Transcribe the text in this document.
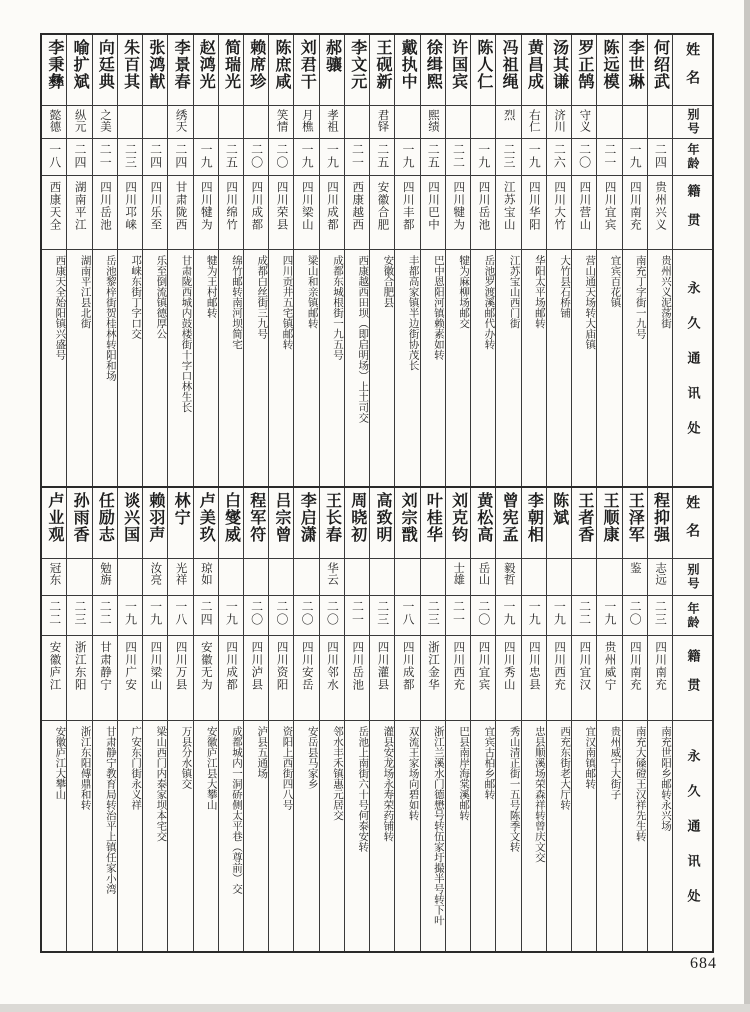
姓名
别号
年龄
籍贯
永久通讯处
何绍武
二四
贵州兴义
贵州兴义泥荡街
李世琳
一九
四川南充
南充丁字街一九号
陈远模
二一
四川宜宾
宜宾百花镇
罗正鹄
守义
二〇
四川营山
营山通天场转大庙镇
汤其谦
济川
二六
四川大竹
大竹县石桥铺
黄昌成
右仁
一九
四川华阳
华阳太平场邮转
冯祖绳
烈
二三
江苏宝山
江苏宝山西门街
陈人仁
一九
四川岳池
岳池罗渡溪邮代办转
许国宾
二二
四川犍为
犍为麻柳场邮交
徐缉熙
熙绩
二五
四川巴中
巴中恩阳河镇赖素如转
戴执中
一九
四川丰都
丰都高家镇半边街协茂长
王砚新
君铎
二五
安徽合肥
安徽合肥县
李文元
二一
西康越西
西康越西田坝（即启明场）上土司交
郝骧
孝祖
一九
四川成都
成都东城根街一九五号
刘君干
月樵
一九
四川梁山
梁山和亲镇邮转
陈庶咸
笑情
二〇
四川荣县
四川贡井五宅镇邮转
赖席珍
二〇
四川成都
成都白丝街三九号
简瑞光
二五
四川绵竹
绵竹邮转南河坝简宅
赵鸿光
一九
四川犍为
犍为王村邮转
李景春
绣天
二四
甘肃陇西
甘肃陇西城内鼓楼街十字口林生长
张鸿猷
二四
四川乐至
乐至倒流镇德厚公
朱百其
二三
四川邛崃
邛崃东街丁字口交
向廷典
之美
二一
四川岳池
岳池黎梓街贺桂林转阳和场
喻扩斌
纵元
二四
湖南平江
湖南平江县北街
李秉彝
懿德
一八
西康天全
西康天全始阳镇兴盛号
姓名
别号
年龄
籍贯
永久通讯处
程抑强
志远
二三
四川南充
南充世阳乡邮转永兴场
王泽军
鉴
二〇
四川南充
南充大磉磴王汉祥先生转
王顺康
一九
贵州威宁
贵州威宁大街子
王者香
二二
四川宜汉
宜汉南镇邮转
陈斌
一九
四川西充
西充东街老大厅转
李朝相
一九
四川忠县
忠县顺溪场荣森祥转曾庆文交
曾宪孟
毅哲
一九
四川秀山
秀山清正街一五号陈季文转
黄松高
岳山
二〇
四川宜宾
宜宾古柏乡邮转
刘克钧
士雄
二一
四川西充
巴县南岸海棠溪邮转
叶桂华
二三
浙江金华
浙江兰溪水门德懋号转伍家圩撮半号转下叶
刘宗戬
一八
四川成都
双流王家场向碧如转
高致明
二三
四川灌县
灌县安龙场永寿荣药铺转
周晓初
二一
四川岳池
岳池上南街六十号何泰安转
王长春
华云
二〇
四川邻水
邻水丰禾镇惠元居交
李启潇
二〇
四川安岳
安岳县马家乡
吕宗曾
二〇
四川资阳
资阳上西街四八号
程军符
二〇
四川泸县
泸县五通场
白燮威
一九
四川成都
成都城内一洞硚侧太平巷（尊前）交
卢美玖
琼如
二四
安徽无为
安徽庐江县大攀山
林宁
光祥
一八
四川万县
万县分水镇交
赖羽声
汝亮
一九
四川梁山
梁山西门内泰家坝本宅交
谈兴国
一九
四川广安
广安东门街永义祥
任励志
勉旃
二二
甘肃静宁
甘肃静宁教育局转治平上镇任家小湾
孙雨香
二三
浙江东阳
浙江东阳傅鼎和转
卢业观
冠东
二二
安徽庐江
安徽庐江大攀山
684
